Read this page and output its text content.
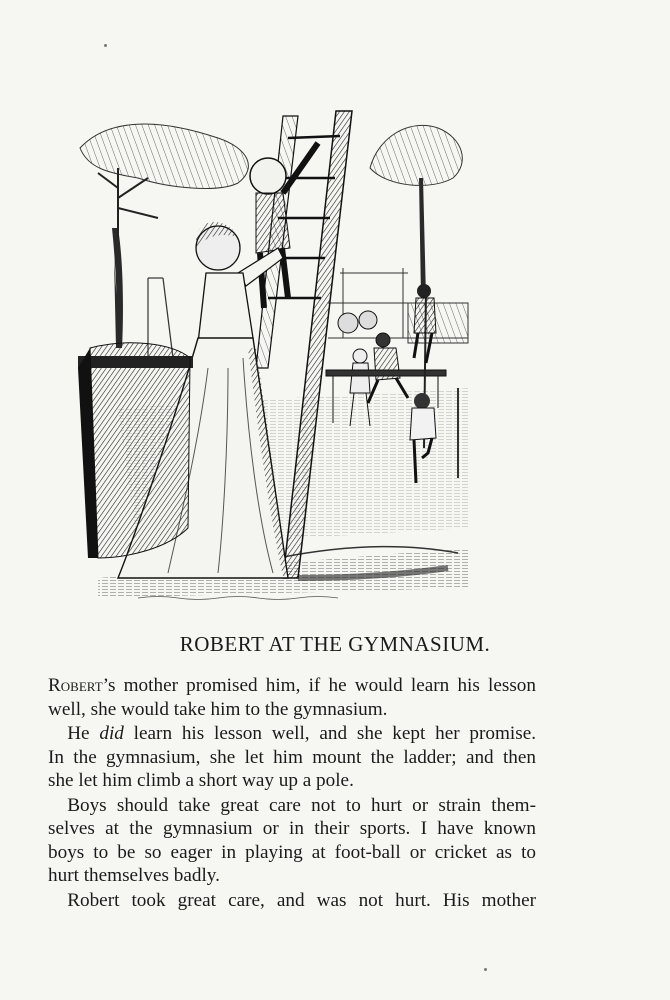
ROBERT AT THE GYMNASIUM.

Robert’s mother promised him, if he would learn his lesson
well, she would take him to the gymnasium.

 He did learn his lesson well, and she kept her promise.
In the gymnasium, she let him mount the ladder; and then
she let him climb a short way up a pole.

 Boys should take great care not to hurt or strain them-
selves at the gymnasium or in their sports. I have known
boys to be so eager in playing at foot-ball or cricket as to
hurt themselves badly.

 Robert took great care, and was not hurt. His mother
